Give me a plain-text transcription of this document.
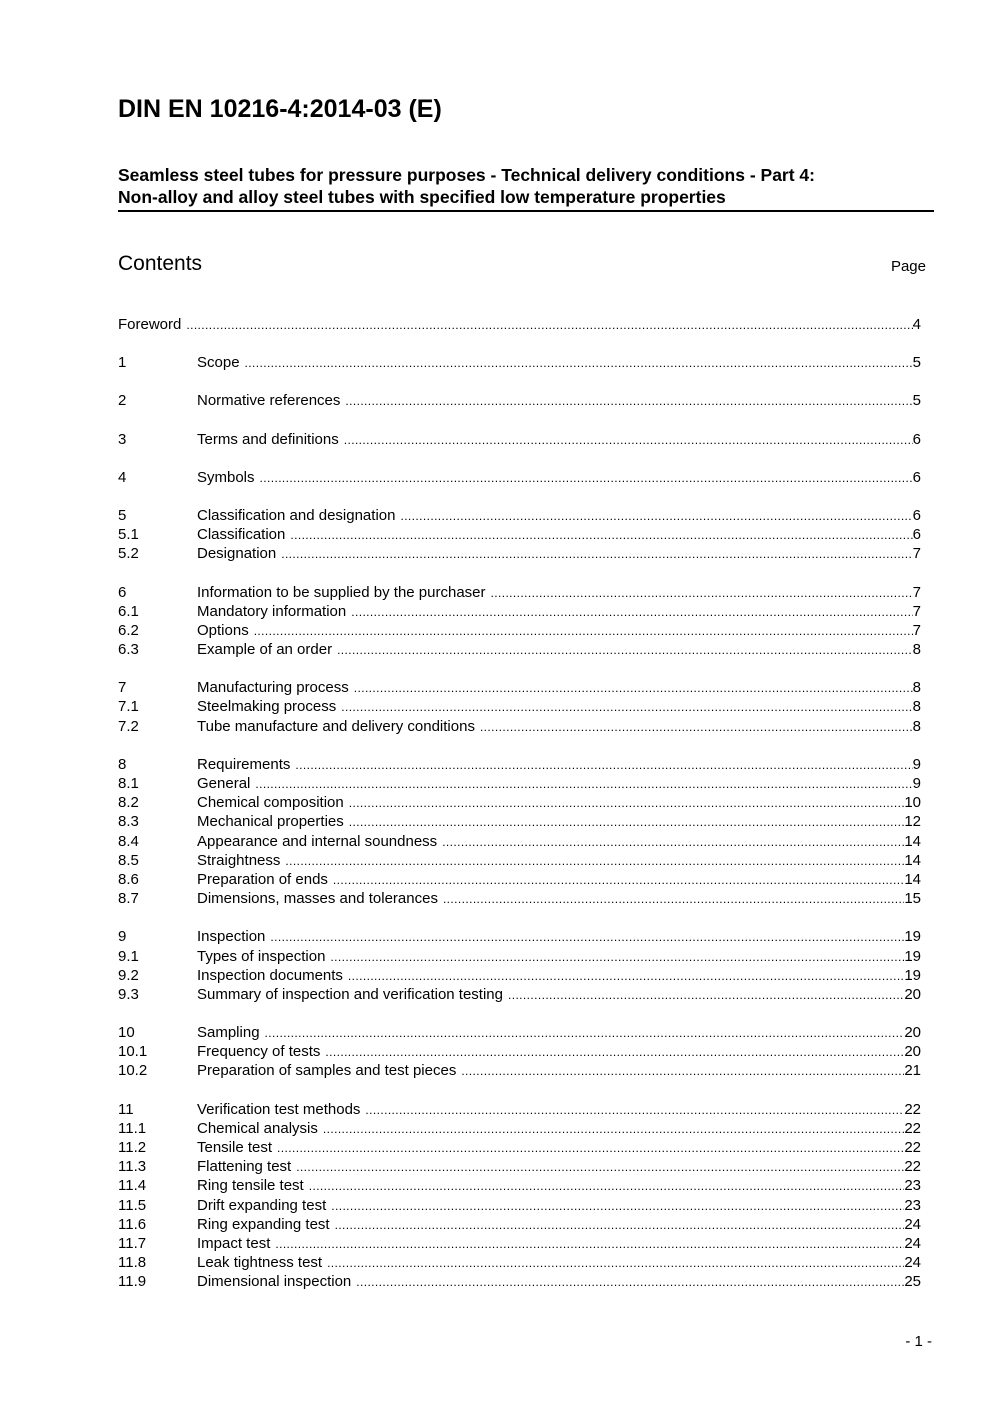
DIN EN 10216-4:2014-03 (E)
Seamless steel tubes for pressure purposes - Technical delivery conditions - Part 4:
Non-alloy and alloy steel tubes with specified low temperature properties
Contents	Page
Foreword .....	4
1	Scope .....	5
2	Normative references .....	5
3	Terms and definitions .....	6
4	Symbols .....	6
5	Classification and designation .....	6
5.1	Classification .....	6
5.2	Designation .....	7
6	Information to be supplied by the purchaser .....	7
6.1	Mandatory information .....	7
6.2	Options .....	7
6.3	Example of an order .....	8
7	Manufacturing process .....	8
7.1	Steelmaking process .....	8
7.2	Tube manufacture and delivery conditions .....	8
8	Requirements .....	9
8.1	General .....	9
8.2	Chemical composition .....	10
8.3	Mechanical properties .....	12
8.4	Appearance and internal soundness .....	14
8.5	Straightness .....	14
8.6	Preparation of ends .....	14
8.7	Dimensions, masses and tolerances .....	15
9	Inspection .....	19
9.1	Types of inspection .....	19
9.2	Inspection documents .....	19
9.3	Summary of inspection and verification testing .....	20
10	Sampling .....	20
10.1	Frequency of tests .....	20
10.2	Preparation of samples and test pieces .....	21
11	Verification test methods .....	22
11.1	Chemical analysis .....	22
11.2	Tensile test .....	22
11.3	Flattening test .....	22
11.4	Ring tensile test .....	23
11.5	Drift expanding test .....	23
11.6	Ring expanding test .....	24
11.7	Impact test .....	24
11.8	Leak tightness test .....	24
11.9	Dimensional inspection .....	25
- 1 -
